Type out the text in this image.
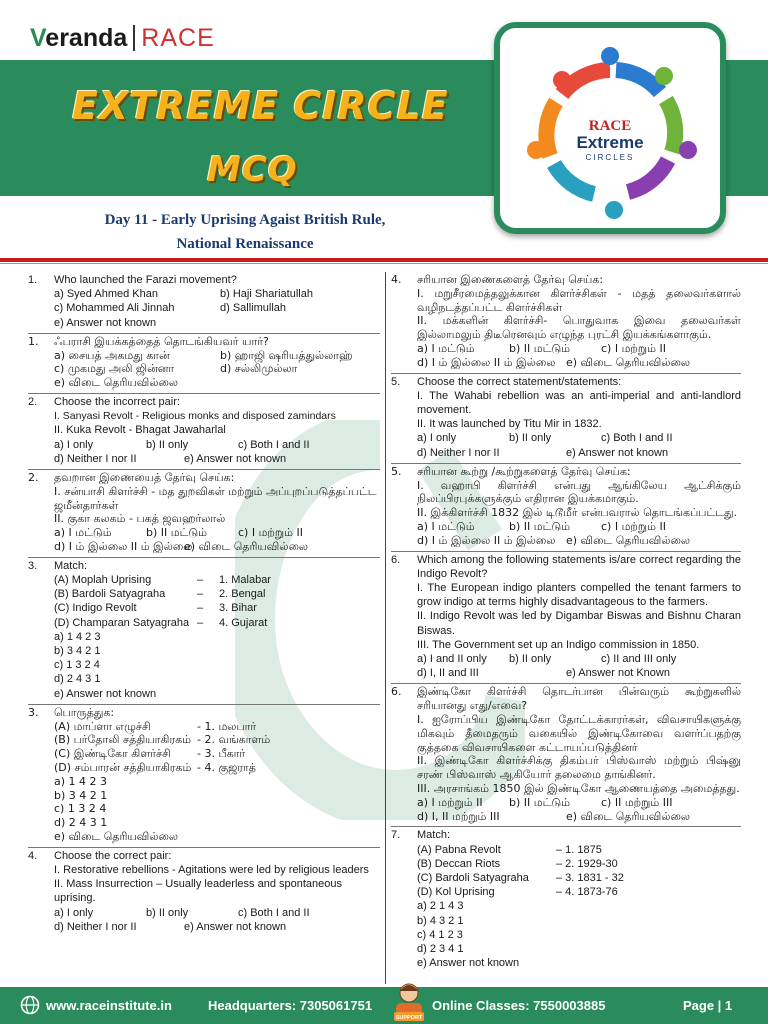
Veranda RACE
EXTREME CIRCLE
MCQ
Day 11 - Early Uprising Agaist British Rule,
National Renaissance
RACE
Extreme
CIRCLES
1.	Who launched the Farazi movement?
a) Syed Ahmed Khan	b) Haji Shariatullah
c) Mohammed Ali Jinnah	d) Sallimullah
e) Answer not known
1.	ஃபராசி இயக்கத்தைத் தொடங்கியவர் யார்?
a) சையத் அகமது கான்	b) ஹாஜி ஷரியத்துல்லாஹ்
c) முகமது அலி ஜின்னா	d) சல்லிமுல்லா
e) விடை தெரியவில்லை
2.	Choose the incorrect pair:
I. Sanyasi Revolt - Religious monks and disposed zamindars
II. Kuka Revolt - Bhagat Jawaharlal
a) I only	b) II only	c) Both I and II
d) Neither I nor II	e) Answer not known
2.	தவறான இணையைத் தேர்வு செய்க:
I. சன்யாசி கிளர்ச்சி - மத துறவிகள் மற்றும் அப்புறப்படுத்தப்பட்ட ஜமீன்தார்கள்
II. குகா கலகம் - பகத் ஜவஹர்லால்
a) I மட்டும்	b) II மட்டும்	c) I மற்றும் II
d) I ம் இல்லை II ம் இல்லை
e) விடை தெரியவில்லை
3.	Match:
(A) Moplah Uprising	–	1. Malabar
(B) Bardoli Satyagraha	–	2. Bengal
(C) Indigo Revolt	–	3. Bihar
(D) Champaran Satyagraha –	4. Gujarat
a) 1 4 2 3
b) 3 4 2 1
c) 1 3 2 4
d) 2 4 3 1
e) Answer not known
3.	பொருத்துக:
(A) மாப்ளா எழுச்சி	- 1. மலபார்
(B) பர்தோலி சத்தியாகிரகம் - 2. வங்காளம்
(C) இண்டிகோ கிளர்ச்சி	- 3. பீகார்
(D) சம்பாரன் சத்தியாகிரகம் - 4. குஜராத்
a) 1 4 2 3
b) 3 4 2 1
c) 1 3 2 4
d) 2 4 3 1
e) விடை தெரியவில்லை
4.	Choose the correct pair:
I. Restorative rebellions - Agitations were led by religious leaders
II. Mass Insurrection – Usually leaderless and spontaneous uprising.
a) I only	b) II only	c) Both I and II
d) Neither I nor II	e) Answer not known
4.	சரியான இணைகளைத் தேர்வு செய்க:
I. மறுசீரமைத்தலுக்கான கிளர்ச்சிகள் - மதத் தலைவர்களால் வழிநடத்தப்பட்ட கிளர்ச்சிகள்
II. மக்களின் கிளர்ச்சி- பொதுவாக இவை தலைவர்கள் இல்லாமலும் திடீரெனவும் எழுந்த புரட்சி இயக்கங்களாகும்.
a) I மட்டும்	b) II மட்டும்	c) I மற்றும் II
d) I ம் இல்லை II ம் இல்லை e) விடை தெரியவில்லை
5.	Choose the correct statement/statements:
I. The Wahabi rebellion was an anti-imperial and anti-landlord movement.
II. It was launched by Titu Mir in 1832.
a) I only	b) II only	c) Both I and II
d) Neither I nor II	e) Answer not known
5.	சரியான கூற்று /கூற்றுகளைத் தேர்வு செய்க:
I. வஹாபி கிளர்ச்சி என்பது ஆங்கிலேய ஆட்சிக்கும் நிலப்பிரபுக்களுக்கும் எதிரான இயக்கமாகும்.
II. இக்கிளர்ச்சி 1832 இல் டிடூமீர் என்பவரால் தொடங்கப்பட்டது.
a) I மட்டும்	b) II மட்டும்	c) I மற்றும் II
d) I ம் இல்லை II ம் இல்லை e) விடை தெரியவில்லை
6.	Which among the following statements is/are correct regarding the Indigo Revolt?
I. The European indigo planters compelled the tenant farmers to grow indigo at terms highly disadvantageous to the farmers.
II. Indigo Revolt was led by Digambar Biswas and Bishnu Charan Biswas.
III. The Government set up an Indigo commission in 1850.
a) I and II only	b) II only	c) II and III only
d) I, II and III	e) Answer not Known
6.	இண்டிகோ கிளர்ச்சி தொடர்பான பின்வரும் கூற்றுகளில் சரியானது எது/எவை?
I. ஐரோப்பிய இண்டிகோ தோட்டக்காரர்கள், விவசாயிகளுக்கு மிகவும் தீமைதரும் வகையில் இண்டிகோவை வளர்ப்பதற்கு குத்தகை விவசாயிகளை கட்டாயப்படுத்தினர்
II. இண்டிகோ கிளர்ச்சிக்கு திகம்பர் பிஸ்வாஸ் மற்றும் பிஷ்னு சரண் பிஸ்வாஸ் ஆகியோர் தலைமை தாங்கினர்.
III. அரசாங்கம் 1850 இல் இண்டிகோ ஆணையத்தை அமைத்தது.
a) I மற்றும் II	b) II மட்டும்	c) II மற்றும் III
d) I, II மற்றும் III	e) விடை தெரியவில்லை
7.	Match:
(A) Pabna Revolt	– 1. 1875
(B) Deccan Riots	– 2. 1929-30
(C) Bardoli Satyagraha	– 3. 1831 - 32
(D) Kol Uprising	– 4. 1873-76
a) 2 1 4 3
b) 4 3 2 1
c) 4 1 2 3
d) 2 3 4 1
e) Answer not known
www.raceinstitute.in	Headquarters: 7305061751
SUPPORT
Online Classes: 7550003885	Page | 1
